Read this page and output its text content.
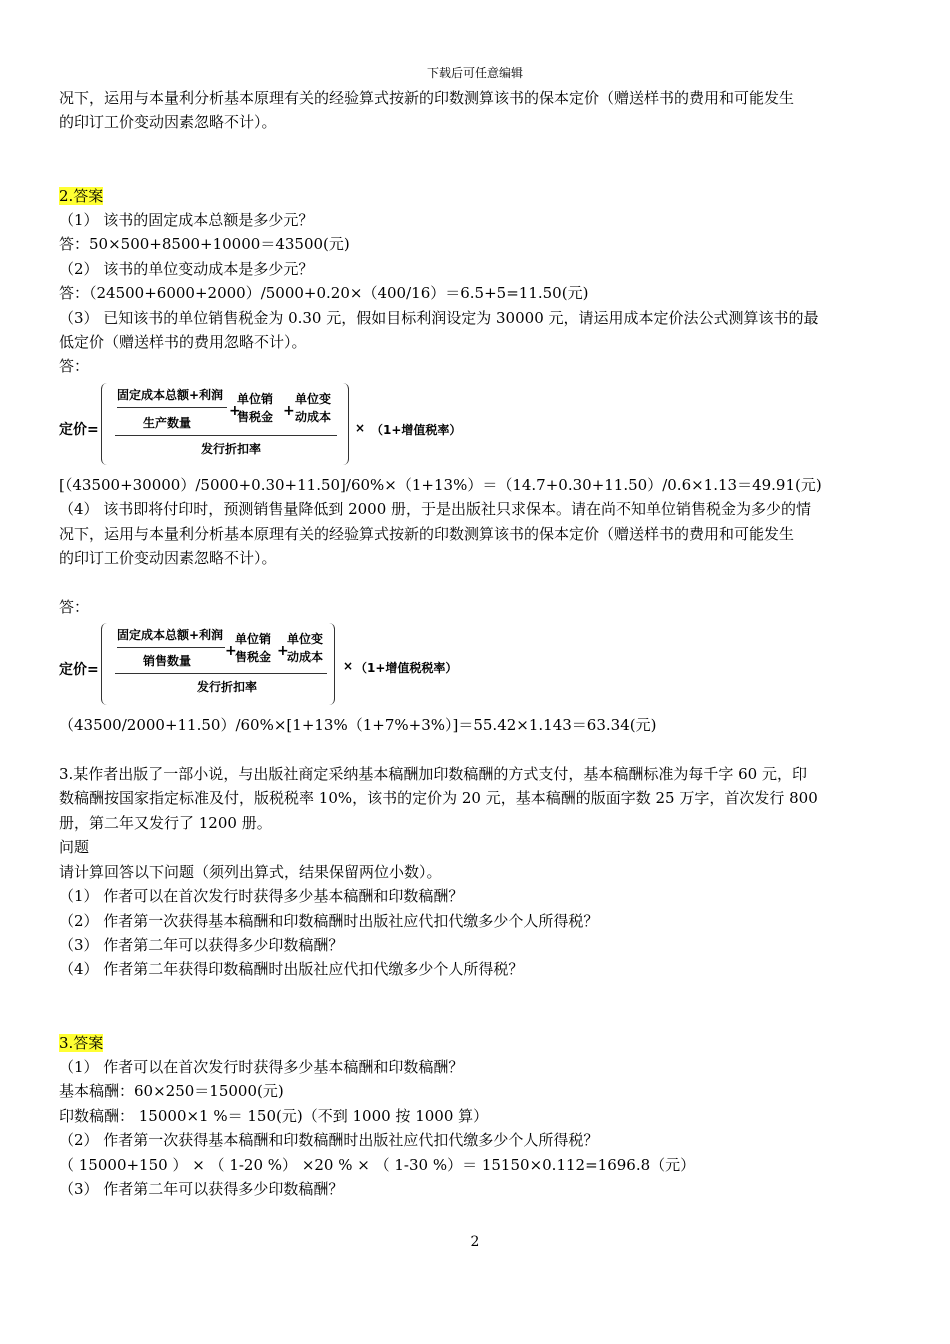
下载后可任意编辑
况下，运用与本量利分析基本原理有关的经验算式按新的印数测算该书的保本定价（赠送样书的费用和可能发生
的印订工价变动因素忽略不计）。
2.答案
（1） 该书的固定成本总额是多少元？
答：50×500+8500+10000＝43500(元)
（2） 该书的单位变动成本是多少元？
答：（24500+6000+2000）/5000+0.20×（400/16）＝6.5+5=11.50(元)
（3） 已知该书的单位销售税金为 0.30 元，假如目标利润设定为 30000 元，请运用成本定价法公式测算该书的最
低定价（赠送样书的费用忽略不计）。
答：
定价=
固定成本总额+利润
生产数量
+
单位销
售税金 +
单位变
动成本
发行折扣率
× （1+增值税率）
[（43500+30000）/5000+0.30+11.50]/60%×（1+13%）＝（14.7+0.30+11.50）/0.6×1.13＝49.91(元)
（4） 该书即将付印时，预测销售量降低到 2000 册，于是出版社只求保本。请在尚不知单位销售税金为多少的情
况下，运用与本量利分析基本原理有关的经验算式按新的印数测算该书的保本定价（赠送样书的费用和可能发生
的印订工价变动因素忽略不计）。
答：
定价=
固定成本总额+利润
销售数量
+
单位销
售税金 +
单位变
动成本
发行折扣率
× （1+增值税税率）
（43500/2000+11.50）/60%×[1+13%（1+7%+3%）]＝55.42×1.143＝63.34(元)
3.某作者出版了一部小说，与出版社商定采纳基本稿酬加印数稿酬的方式支付，基本稿酬标准为每千字 60 元，印
数稿酬按国家指定标准及付，版税税率 10%，该书的定价为 20 元，基本稿酬的版面字数 25 万字，首次发行 800
册，第二年又发行了 1200 册。
问题
请计算回答以下问题（须列出算式，结果保留两位小数）。
（1） 作者可以在首次发行时获得多少基本稿酬和印数稿酬？
（2） 作者第一次获得基本稿酬和印数稿酬时出版社应代扣代缴多少个人所得税？
（3） 作者第二年可以获得多少印数稿酬？
（4） 作者第二年获得印数稿酬时出版社应代扣代缴多少个人所得税？
3.答案
（1） 作者可以在首次发行时获得多少基本稿酬和印数稿酬？
基本稿酬：60×250＝15000(元)
印数稿酬： 15000×1 %＝ 150(元)（不到 1000 按 1000 算）
（2） 作者第一次获得基本稿酬和印数稿酬时出版社应代扣代缴多少个人所得税？
（ 15000+150 ） × （ 1-20 %） ×20 % × （ 1-30 %）＝ 15150×0.112=1696.8（元）
（3） 作者第二年可以获得多少印数稿酬？
2
